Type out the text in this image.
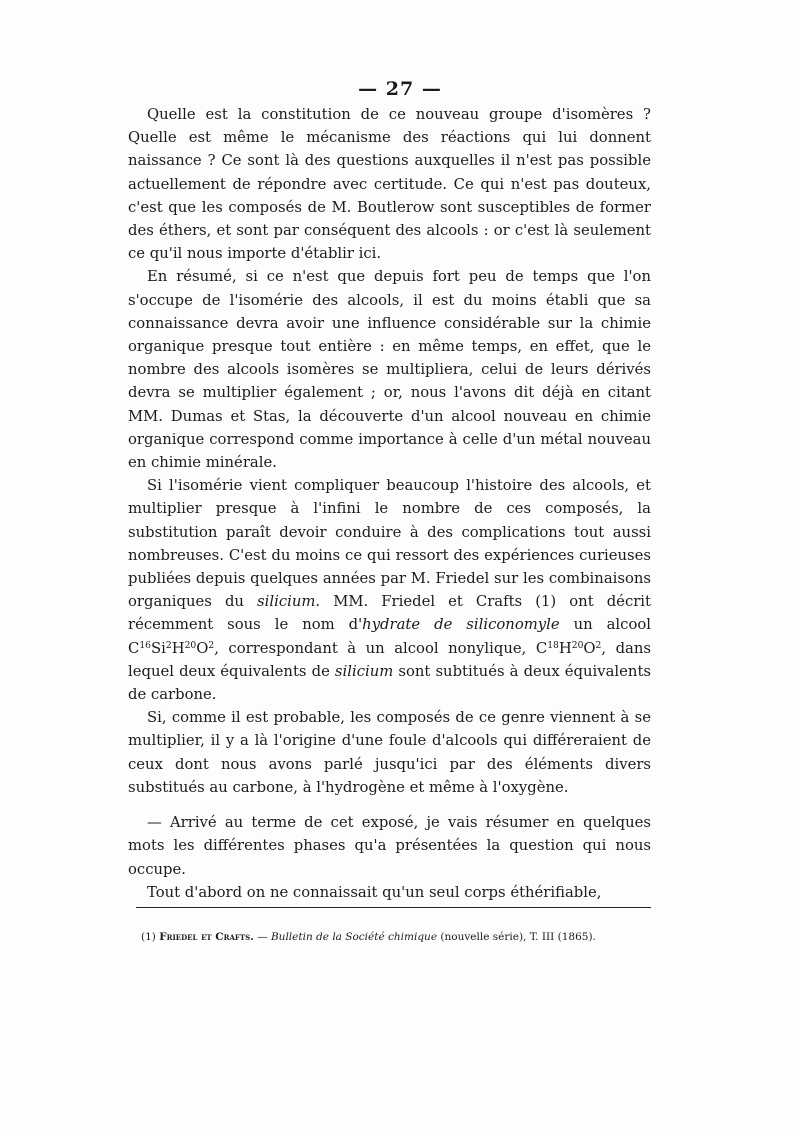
— 27 —

Quelle est la constitution de ce nouveau groupe d'isomères ? Quelle est même le mécanisme des réactions qui lui donnent naissance ? Ce sont là des questions auxquelles il n'est pas possible actuellement de répondre avec certitude. Ce qui n'est pas douteux, c'est que les composés de M. Boutlerow sont susceptibles de former des éthers, et sont par conséquent des alcools : or c'est là seulement ce qu'il nous importe d'établir ici.

En résumé, si ce n'est que depuis fort peu de temps que l'on s'occupe de l'isomérie des alcools, il est du moins établi que sa connaissance devra avoir une influence considérable sur la chimie organique presque tout entière : en même temps, en effet, que le nombre des alcools isomères se multipliera, celui de leurs dérivés devra se multiplier également ; or, nous l'avons dit déjà en citant MM. Dumas et Stas, la découverte d'un alcool nouveau en chimie organique correspond comme importance à celle d'un métal nouveau en chimie minérale.

Si l'isomérie vient compliquer beaucoup l'histoire des alcools, et multiplier presque à l'infini le nombre de ces composés, la substitution paraît devoir conduire à des complications tout aussi nombreuses. C'est du moins ce qui ressort des expériences curieuses publiées depuis quelques années par M. Friedel sur les combinaisons organiques du silicium. MM. Friedel et Crafts (1) ont décrit récemment sous le nom d'hydrate de siliconomyle un alcool $C^{16}Si^2H^{20}O^2$, correspondant à un alcool nonylique, $C^{18}H^{20}O^2$, dans lequel deux équivalents de silicium sont subtitués à deux équivalents de carbone.

Si, comme il est probable, les composés de ce genre viennent à se multiplier, il y a là l'origine d'une foule d'alcools qui différeraient de ceux dont nous avons parlé jusqu'ici par des éléments divers substitués au carbone, à l'hydrogène et même à l'oxygène.

— Arrivé au terme de cet exposé, je vais résumer en quelques mots les différentes phases qu'a présentées la question qui nous occupe.

Tout d'abord on ne connaissait qu'un seul corps éthérifiable,

(1) Friedel et Crafts. — Bulletin de la Société chimique (nouvelle série), T. III (1865).
